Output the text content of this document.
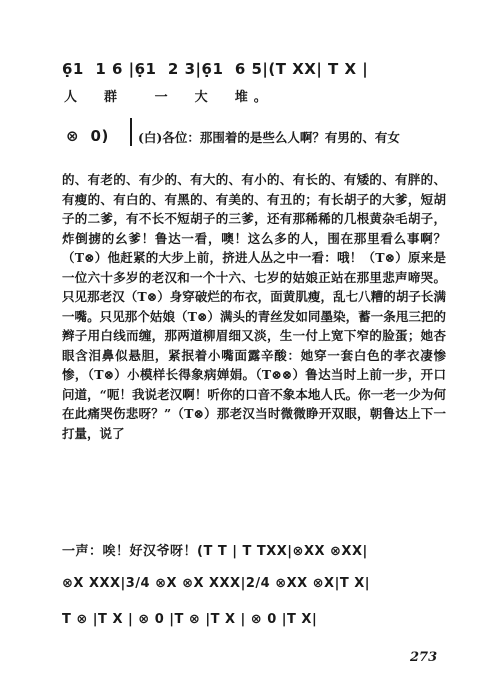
6̣1  1 6 |6̣1  2 3|6̣1  6 5|(T XX| T X |
人  群   一  大  堆。
⊗  0) (白)各位：那围着的是些么人啊？有男的、有女

的、有老的、有少的、有大的、有小的、有长的、有矮的、有胖的、有瘦的、有白的、有黑的、有美的、有丑的；有长胡子的大爹，短胡子的二爹，有不长不短胡子的三爹，还有那稀稀的几根黄杂毛胡子，炸倒掳的幺爹！鲁达一看，噢！这么多的人，围在那里看么事啊？（T⊗）他赶紧的大步上前，挤进人丛之中一看：哦！（T⊗）原来是一位六十多岁的老汉和一个十六、七岁的姑娘正站在那里悲声啼哭。只见那老汉（T⊗）身穿破烂的布衣，面黄肌瘦，乱七八糟的胡子长满一嘴。只见那个姑娘（T⊗）满头的青丝发如同墨染，蓄一条甩三把的辫子用白线而缠，那两道柳眉细又淡，生一付上宽下窄的脸蛋；她杏眼含泪鼻似悬胆，紧抿着小嘴面露辛酸：她穿一套白色的孝衣凄惨惨，（T⊗）小模样长得象病婵娟。（T⊗⊗）鲁达当时上前一步，开口问道，“呃！我说老汉啊！听你的口音不象本地人氏。你一老一少为何在此痛哭伤悲呀？”（T⊗）那老汉当时微微睁开双眼，朝鲁达上下一打量，说了

一声：唉！好汉爷呀！(T T | T TXX|⊗XX ⊗XX|
⊗X XXX|3/4 ⊗X ⊗X XXX|2/4 ⊗XX ⊗X|T X|
T ⊗ |T X | ⊗ 0 |T ⊗ |T X | ⊗ 0 |T X|
273
